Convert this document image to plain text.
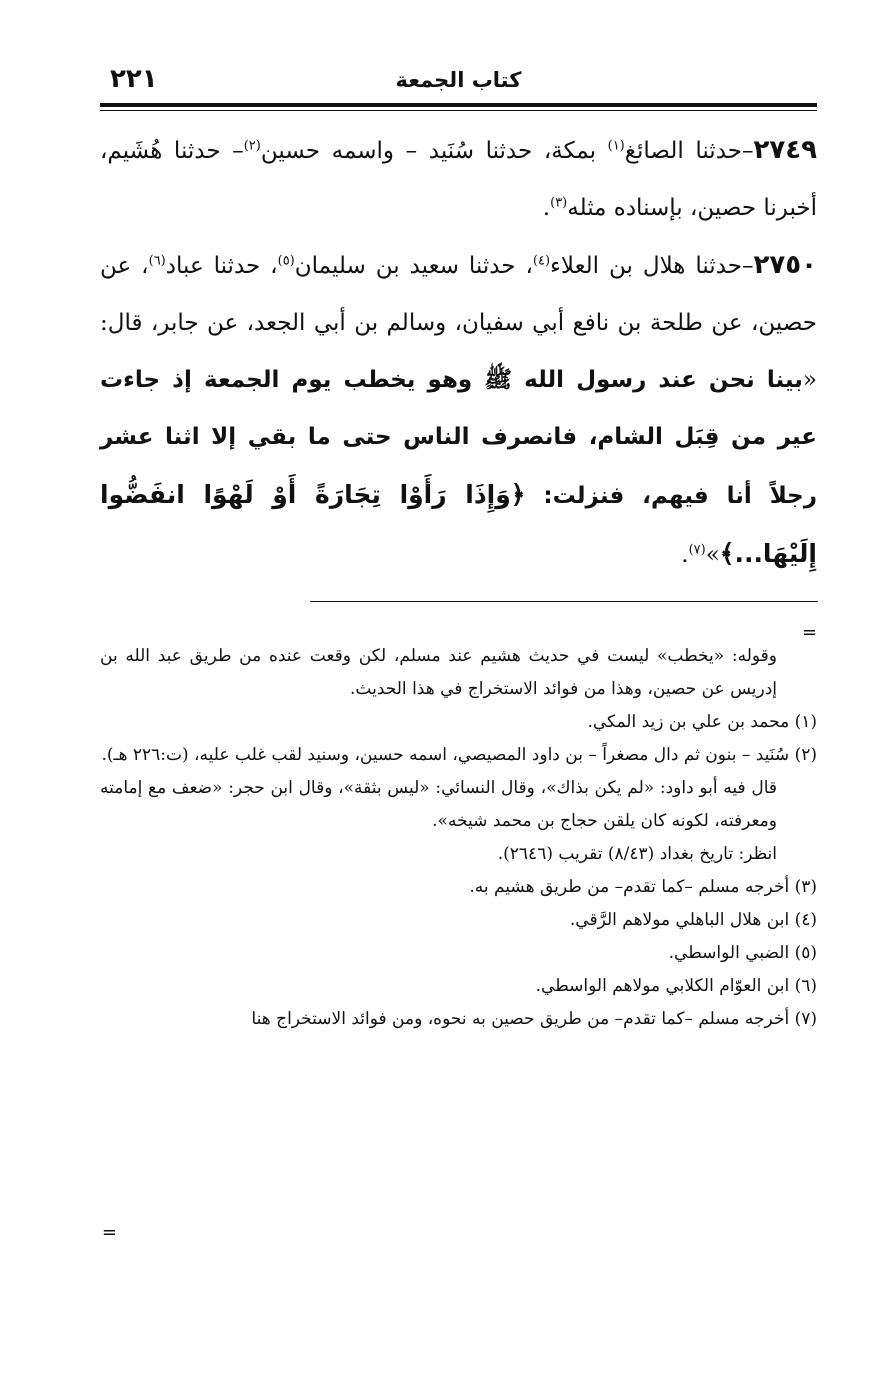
كتاب الجمعة
٢٢١

٢٧٤٩–حدثنا الصائغ$^{(١)}$ بمكة، حدثنا سُنَيد – واسمه حسين$^{(٢)}$– حدثنا هُشَيم، أخبرنا حصين، بإسناده مثله$^{(٣)}$.

٢٧٥٠–حدثنا هلال بن العلاء$^{(٤)}$، حدثنا سعيد بن سليمان$^{(٥)}$، حدثنا عباد$^{(٦)}$، عن حصين، عن طلحة بن نافع أبي سفيان، وسالم بن أبي الجعد، عن جابر، قال: «بينا نحن عند رسول الله ﷺ وهو يخطب يوم الجمعة إذ جاءت عير من قِبَل الشام، فانصرف الناس حتى ما بقي إلا اثنا عشر رجلاً أنا فيهم، فنزلت: ﴿وَإِذَا رَأَوْا تِجَارَةً أَوْ لَهْوًا انفَضُّوا إِلَيْهَا...﴾»$^{(٧)}$.

=

وقوله: «يخطب» ليست في حديث هشيم عند مسلم، لكن وقعت عنده من طريق عبد الله بن إدريس عن حصين، وهذا من فوائد الاستخراج في هذا الحديث.

(١) محمد بن علي بن زيد المكي.

(٢) سُنَيد – بنون ثم دال مصغراً – بن داود المصيصي، اسمه حسين، وسنيد لقب غلب عليه، (ت:٢٢٦ هـ).

قال فيه أبو داود: «لم يكن بذاك»، وقال النسائي: «ليس بثقة»، وقال ابن حجر: «ضعف مع إمامته ومعرفته، لكونه كان يلقن حجاج بن محمد شيخه».

انظر: تاريخ بغداد (٨/٤٣) تقريب (٢٦٤٦).

(٣) أخرجه مسلم –كما تقدم– من طريق هشيم به.

(٤) ابن هلال الباهلي مولاهم الرَّقي.

(٥) الضبي الواسطي.

(٦) ابن العوّام الكلابي مولاهم الواسطي.

(٧) أخرجه مسلم –كما تقدم– من طريق حصين به نحوه، ومن فوائد الاستخراج هنا

=
